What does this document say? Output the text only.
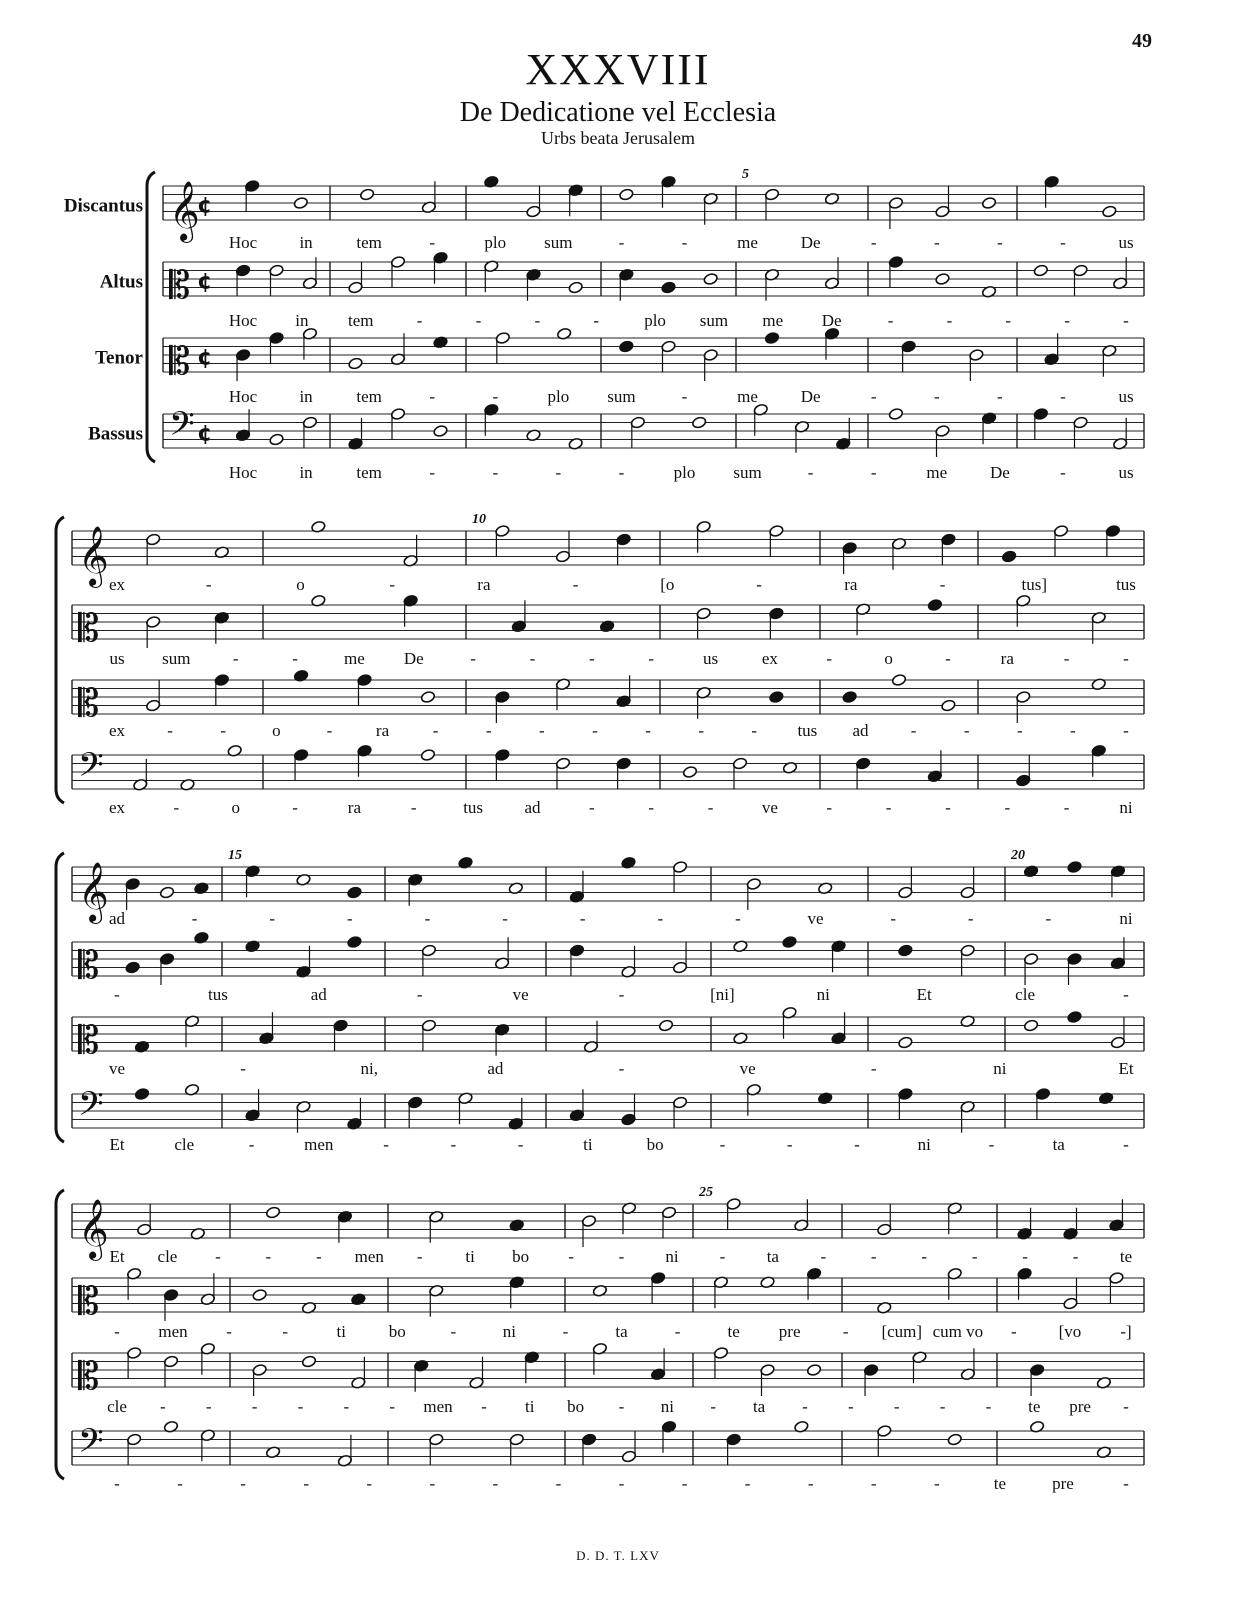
49
XXXVIII
De Dedicatione vel Ecclesia
Urbs beata Jerusalem
D. D. T. LXV
𝄞
¢
𝄡 ¢
𝄡 ¢
𝄢 ¢
Discantus
Altus
Tenor
Bassus
Hoc in	tem	-	plo sum	-	-	me	De	-	-	-	-	us
Hoc in tem	-	-	-	-	plo sum me De	-	-	-	-	-
Hoc in	tem	-	-	plo sum	-	me	De	-	-	-	-	us
Hoc in	tem	-	-	-	-	plo sum	-	-	me	De	-	us
𝄞
𝄡
𝄡
𝄢
ex	-	o	-	ra	-	[o	-	ra	-	tus]	tus
us sum -	-	me De	-	-	-	-	us	ex	-	o	-	ra	-	-
ex -	-	o	-	ra	-	-	-	-	-	-	- tus ad -	-	-	-	-
ex	-	o	-	ra	-	tus ad	-	-	-	ve	-	-	-	-	-	ni
𝄞
𝄡
𝄡
𝄢
ad	-	-	-	-	-	-	-	-	ve	-	-	-	ni
-	tus	ad	-	ve	-	[ni]	ni	Et	cle	-
ve	-	ni,	ad	-	ve	-	ni	Et
Et	cle	-	men	-	-	-	ti	bo	-	-	-	ni	-	ta	-
𝄞
𝄡
𝄡
𝄢
Et cle -	-	- men -	ti bo -	- ni - ta -	-	-	-	-	- te
- men -	-	ti	bo	-	ni	-	ta	-	te pre - [cum] cum vo - [vo -]
cle - - - - - - men - ti bo - ni - ta - - - - - te pre -
-	-	-	-	-	-	-	-	-	-	-	-	-	-	te	pre	-
5
10
15	20
25
